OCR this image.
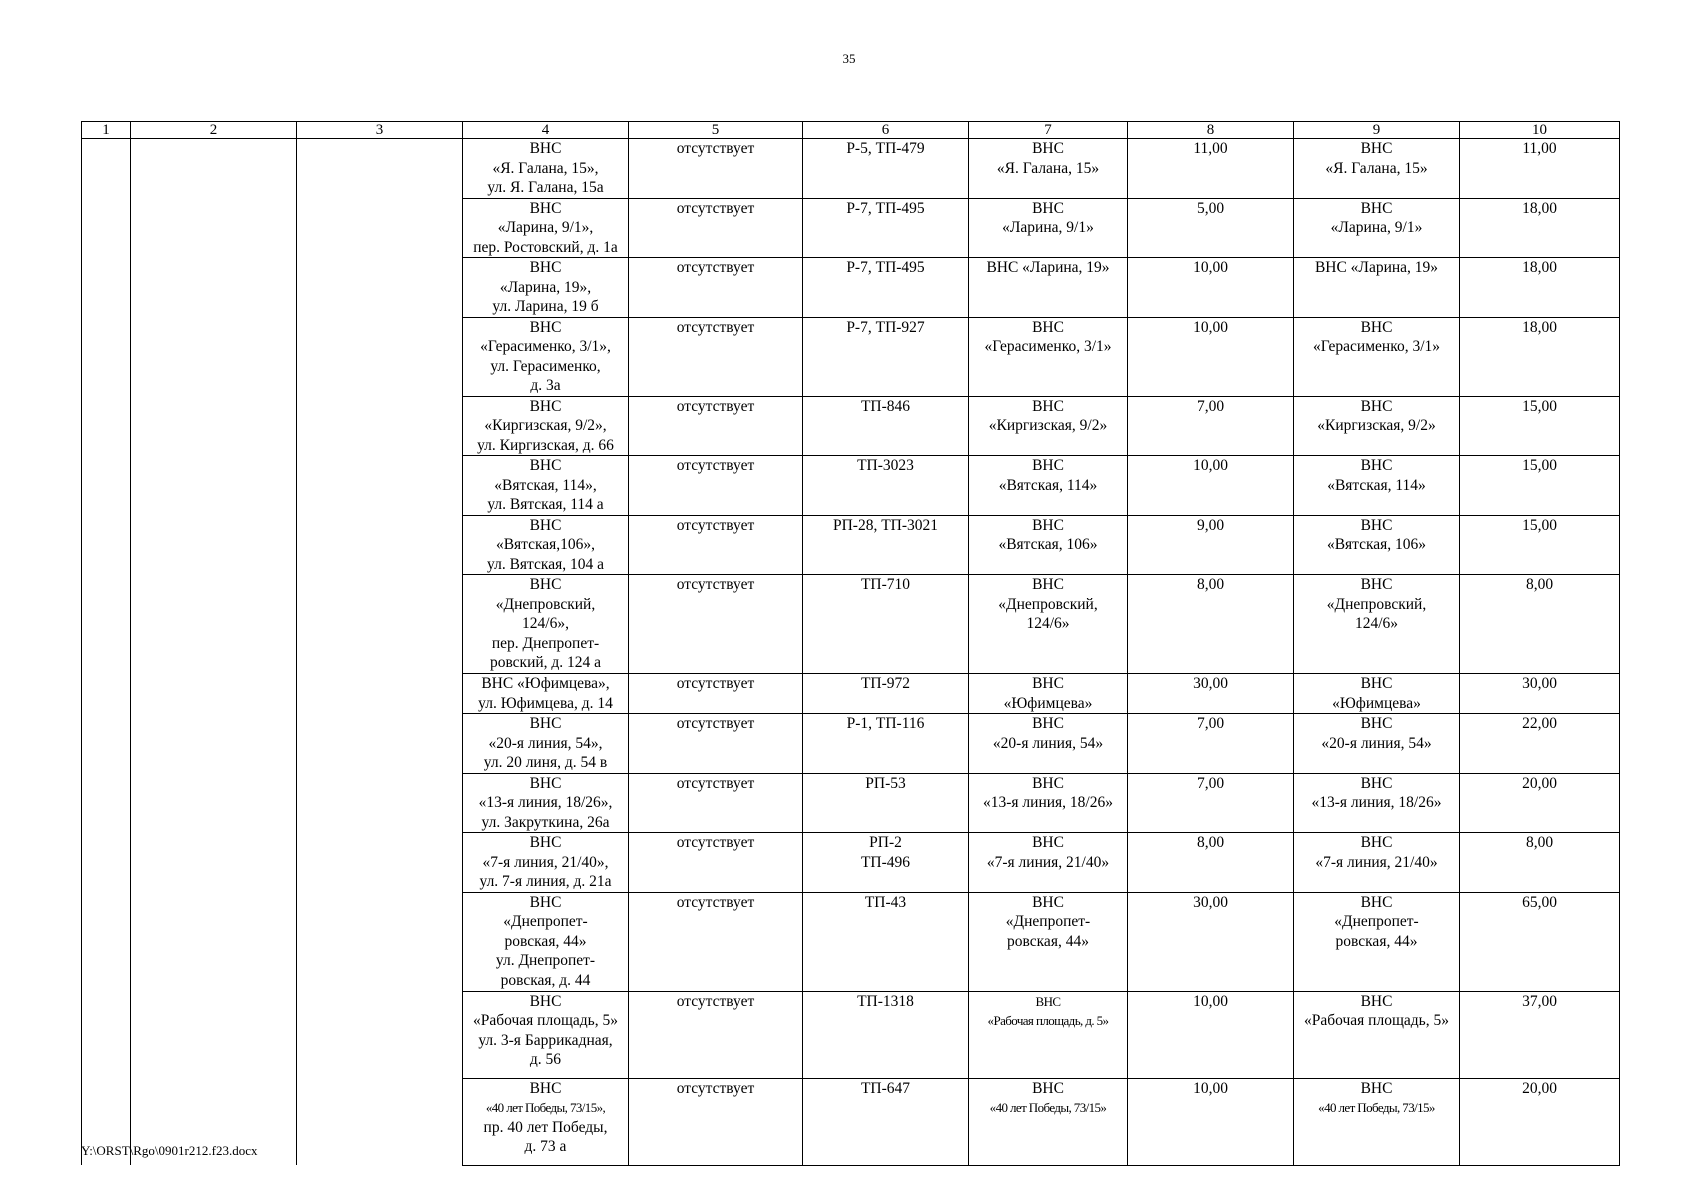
35
1	2	3	4	5	6	7	8	9	10

			ВНС
«Я. Галана, 15»,
ул. Я. Галана, 15а	отсутствует	Р-5, ТП-479	ВНС
«Я. Галана, 15»	11,00	ВНС
«Я. Галана, 15»	11,00

			ВНС
«Ларина, 9/1»,
пер. Ростовский, д. 1а	отсутствует	Р-7, ТП-495	ВНС
«Ларина, 9/1»	5,00	ВНС
«Ларина, 9/1»	18,00

			ВНС
«Ларина, 19»,
ул. Ларина, 19 б	отсутствует	Р-7, ТП-495	ВНС «Ларина, 19»	10,00	ВНС «Ларина, 19»	18,00

			ВНС
«Герасименко, 3/1»,
ул. Герасименко,
д. 3а	отсутствует	Р-7, ТП-927	ВНС
«Герасименко, 3/1»	10,00	ВНС
«Герасименко, 3/1»	18,00

			ВНС
«Киргизская, 9/2»,
ул. Киргизская, д. 66	отсутствует	ТП-846	ВНС
«Киргизская, 9/2»	7,00	ВНС
«Киргизская, 9/2»	15,00

			ВНС
«Вятская, 114»,
ул. Вятская, 114 а	отсутствует	ТП-3023	ВНС
«Вятская, 114»	10,00	ВНС
«Вятская, 114»	15,00

			ВНС
«Вятская,106»,
ул. Вятская, 104 а	отсутствует	РП-28, ТП-3021	ВНС
«Вятская, 106»	9,00	ВНС
«Вятская, 106»	15,00

			ВНС
«Днепровский,
124/6»,
пер. Днепропет-
ровский, д. 124 а	отсутствует	ТП-710	ВНС
«Днепровский,
124/6»	8,00	ВНС
«Днепровский,
124/6»	8,00

			ВНС «Юфимцева»,
ул. Юфимцева, д. 14	отсутствует	ТП-972	ВНС
«Юфимцева»	30,00	ВНС
«Юфимцева»	30,00

			ВНС
«20-я линия, 54»,
ул. 20 линя, д. 54 в	отсутствует	Р-1, ТП-116	ВНС
«20-я линия, 54»	7,00	ВНС
«20-я линия, 54»	22,00

			ВНС
«13-я линия, 18/26»,
ул. Закруткина, 26а	отсутствует	РП-53	ВНС
«13-я линия, 18/26»	7,00	ВНС
«13-я линия, 18/26»	20,00

			ВНС
«7-я линия, 21/40»,
ул. 7-я линия, д. 21а	отсутствует	РП-2
ТП-496	ВНС
«7-я линия, 21/40»	8,00	ВНС
«7-я линия, 21/40»	8,00

			ВНС
«Днепропет-
ровская, 44»
ул. Днепропет-
ровская, д. 44	отсутствует	ТП-43	ВНС
«Днепропет-
ровская, 44»	30,00	ВНС
«Днепропет-
ровская, 44»	65,00

			ВНС
«Рабочая площадь, 5»
ул. 3-я Баррикадная,
д. 56	отсутствует	ТП-1318	ВНС
«Рабочая площадь, д. 5»	10,00	ВНС
«Рабочая площадь, 5»	37,00

			ВНС
«40 лет Победы, 73/15»,
пр. 40 лет Победы,
д. 73 а	отсутствует	ТП-647	ВНС
«40 лет Победы, 73/15»	10,00	ВНС
«40 лет Победы, 73/15»	20,00
Y:\ORST\Rgo\0901r212.f23.docx
